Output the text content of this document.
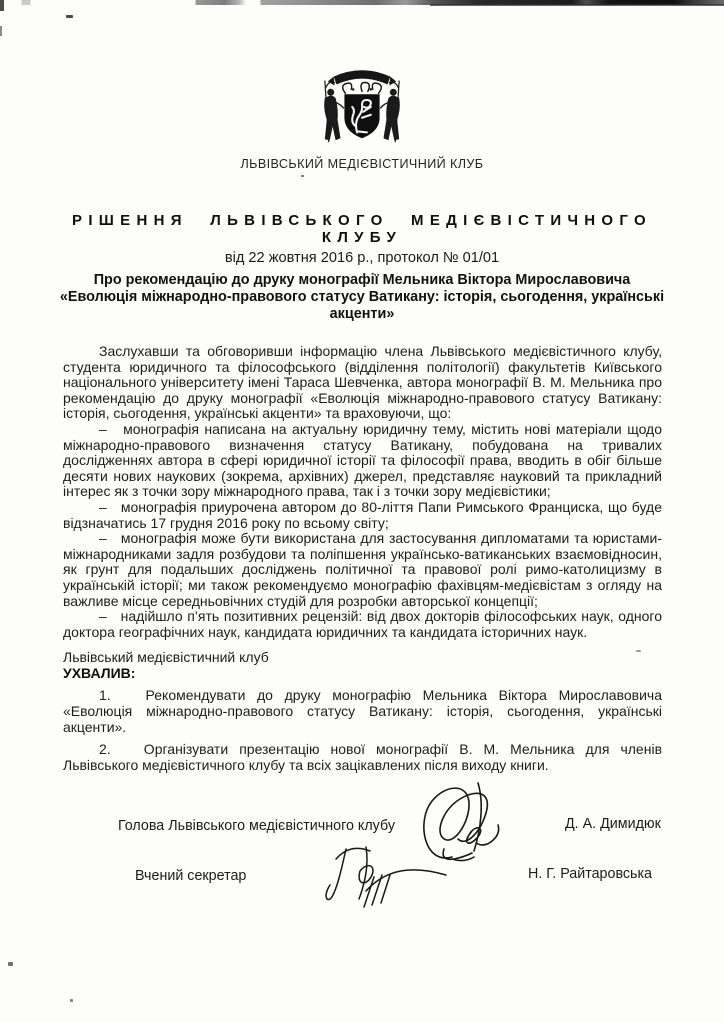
ЛЬВІВСЬКИЙ МЕДІЄВІСТИЧНИЙ КЛУБ
РІШЕННЯ ЛЬВІВСЬКОГО МЕДІЄВІСТИЧНОГО
КЛУБУ
від 22 жовтня 2016 р., протокол № 01/01
Про рекомендацію до друку монографії Мельника Віктора Мирославовича
«Еволюція міжнародно-правового статусу Ватикану: історія, сьогодення, українські
акценти»

Заслухавши та обговоривши інформацію члена Львівського медієвістичного клубу, студента юридичного та філософського (відділення політології) факультетів Київського національного університету імені Тараса Шевченка, автора монографії В. М. Мельника про рекомендацію до друку монографії «Еволюція міжнародно-правового статусу Ватикану: історія, сьогодення, українські акценти» та враховуючи, що:

–   монографія написана на актуальну юридичну тему, містить нові матеріали щодо міжнародно-правового визначення статусу Ватикану, побудована на тривалих дослідженнях автора в сфері юридичної історії та філософії права, вводить в обіг більше десяти нових наукових (зокрема, архівних) джерел, представляє науковий та прикладний інтерес як з точки зору міжнародного права, так і з точки зору медієвістики;

–   монографія приурочена автором до 80-ліття Папи Римського Франциска, що буде відзначатись 17 грудня 2016 року по всьому світу;

–   монографія може бути використана для застосування дипломатами та юристами-міжнародниками задля розбудови та поліпшення українсько-ватиканських взаємовідносин, як грунт для подальших досліджень політичної та правової ролі римо-католицизму в українській історії; ми також рекомендуємо монографію фахівцям-медієвістам з огляду на важливе місце середньовічних студій для розробки авторської концепції;

–   надійшло п’ять позитивних рецензій: від двох докторів філософських наук, одного доктора географічних наук, кандидата юридичних та кандидата історичних наук.

Львівський медієвістичний клуб

УХВАЛИВ:

1.   Рекомендувати до друку монографію Мельника Віктора Мирославовича «Еволюція міжнародно-правового статусу Ватикану: історія, сьогодення, українські акценти».

2.   Організувати презентацію нової монографії В. М. Мельника для членів Львівського медієвістичного клубу та всіх зацікавлених після виходу книги.

Голова Львівського медієвістичного клубу	Д. А. Димидюк
Вчений секретар	Н. Г. Райтаровська
